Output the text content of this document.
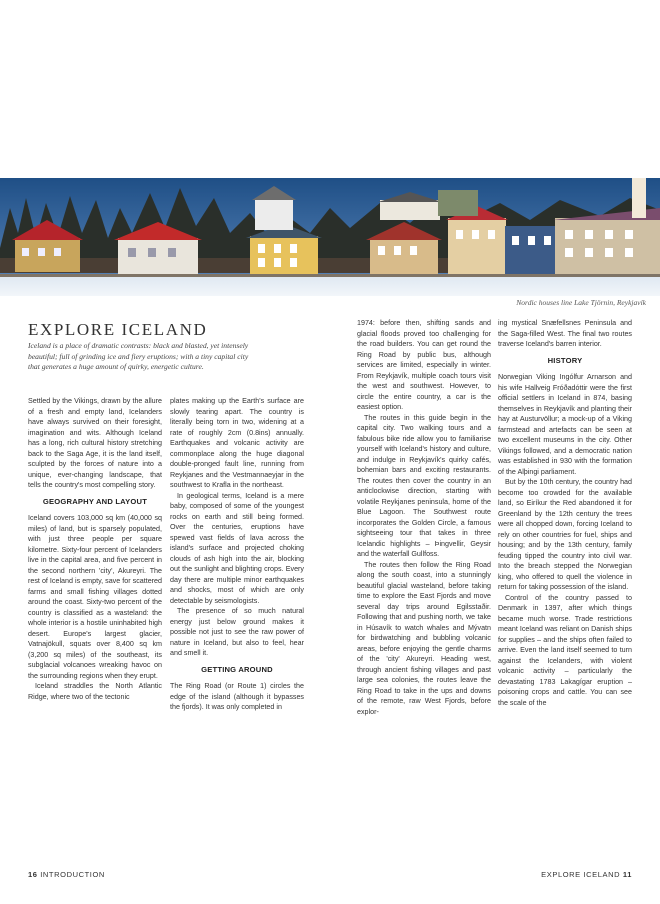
Nordic houses line Lake Tjörnin, Reykjavík
EXPLORE ICELAND

Iceland is a place of dramatic contrasts: black and blasted, yet intensely beautiful; full of grinding ice and fiery eruptions; with a tiny capital city that generates a huge amount of quirky, energetic culture.

Settled by the Vikings, drawn by the allure of a fresh and empty land, Icelanders have always survived on their foresight, imagination and wits. Although Iceland has a long, rich cultural history stretching back to the Saga Age, it is the land itself, sculpted by the forces of nature into a unique, ever-changing landscape, that tells the country's most compelling story.

GEOGRAPHY AND LAYOUT

Iceland covers 103,000 sq km (40,000 sq miles) of land, but is sparsely populated, with just three people per square kilometre. Sixty-four percent of Icelanders live in the capital area, and five percent in the second northern 'city', Akureyri. The rest of Iceland is empty, save for scattered farms and small fishing villages dotted around the coast. Sixty-two percent of the country is classified as a wasteland: the whole interior is a hostile uninhabited high desert. Europe's largest glacier, Vatnajökull, squats over 8,400 sq km (3,200 sq miles) of the southeast, its subglacial volcanoes wreaking havoc on the surrounding regions when they erupt.

Iceland straddles the North Atlantic Ridge, where two of the tectonic

plates making up the Earth's surface are slowly tearing apart. The country is literally being torn in two, widening at a rate of roughly 2cm (0.8ins) annually. Earthquakes and volcanic activity are commonplace along the huge diagonal double-pronged fault line, running from Reykjanes and the Vestmannaeyjar in the southwest to Krafla in the northeast.

In geological terms, Iceland is a mere baby, composed of some of the youngest rocks on earth and still being formed. Over the centuries, eruptions have spewed vast fields of lava across the island's surface and projected choking clouds of ash high into the air, blocking out the sunlight and blighting crops. Every day there are multiple minor earthquakes and shocks, most of which are only detectable by seismologists.

The presence of so much natural energy just below ground makes it possible not just to see the raw power of nature in Iceland, but also to feel, hear and smell it.

GETTING AROUND

The Ring Road (or Route 1) circles the edge of the island (although it bypasses the fjords). It was only completed in

1974: before then, shifting sands and glacial floods proved too challenging for the road builders. You can get round the Ring Road by public bus, although services are limited, especially in winter. From Reykjavík, multiple coach tours visit the west and southwest. However, to circle the entire country, a car is the easiest option.

The routes in this guide begin in the capital city. Two walking tours and a fabulous bike ride allow you to familiarise yourself with Iceland's history and culture, and indulge in Reykjavík's quirky cafés, bohemian bars and exciting restaurants. The routes then cover the country in an anticlockwise direction, starting with volatile Reykjanes peninsula, home of the Blue Lagoon. The Southwest route incorporates the Golden Circle, a famous sightseeing tour that takes in three Icelandic highlights – Þingvellir, Geysir and the waterfall Gullfoss.

The routes then follow the Ring Road along the south coast, into a stunningly beautiful glacial wasteland, before taking time to explore the East Fjords and move several day trips around Egilsstaðir. Following that and pushing north, we take in Húsavík to watch whales and Mývatn for birdwatching and bubbling volcanic areas, before enjoying the gentle charms of the 'city' Akureyri. Heading west, through ancient fishing villages and past large sea colonies, the routes leave the Ring Road to take in the ups and downs of the remote, raw West Fjords, before explor-

ing mystical Snæfellsnes Peninsula and the Saga-filled West. The final two routes traverse Iceland's barren interior.

HISTORY

Norwegian Viking Ingólfur Arnarson and his wife Hallveig Fróðadóttir were the first official settlers in Iceland in 874, basing themselves in Reykjavík and planting their hay at Austurvöllur; a mock-up of a Viking farmstead and artefacts can be seen at two excellent museums in the city. Other Vikings followed, and a democratic nation was established in 930 with the formation of the Alþingi parliament.

But by the 10th century, the country had become too crowded for the available land, so Eiríkur the Red abandoned it for Greenland by the 12th century the trees were all chopped down, forcing Iceland to rely on other countries for fuel, ships and housing; and by the 13th century, family feuding tipped the country into civil war. Into the breach stepped the Norwegian king, who offered to quell the violence in return for taking possession of the island.

Control of the country passed to Denmark in 1397, after which things became much worse. Trade restrictions meant Iceland was reliant on Danish ships for supplies – and the ships often failed to arrive. Even the land itself seemed to turn against the Icelanders, with violent volcanic activity – particularly the devastating 1783 Lakagígar eruption – poisoning crops and cattle. You can see the scale of the

16 INTRODUCTION	EXPLORE ICELAND 11
